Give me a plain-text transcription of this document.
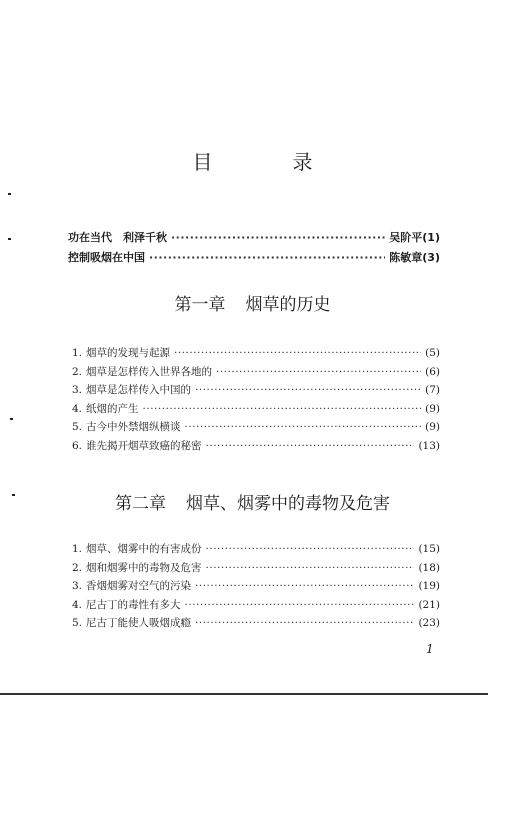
目　录
功在当代　利泽千秋 ·····	吴阶平 (1)
控制吸烟在中国 ·····	陈敏章 (3)
第一章 烟草的历史
1. 烟草的发现与起源 ·····	(5)
2. 烟草是怎样传入世界各地的 ·····	(6)
3. 烟草是怎样传入中国的 ·····	(7)
4. 纸烟的产生 ·····	(9)
5. 古今中外禁烟纵横谈 ·····	(9)
6. 谁先揭开烟草致癌的秘密 ·····	(13)
第二章 烟草、烟雾中的毒物及危害
1. 烟草、烟雾中的有害成份 ·····	(15)
2. 烟和烟雾中的毒物及危害 ·····	(18)
3. 香烟烟雾对空气的污染 ·····	(19)
4. 尼古丁的毒性有多大 ·····	(21)
5. 尼古丁能使人吸烟成瘾 ·····	(23)
1
